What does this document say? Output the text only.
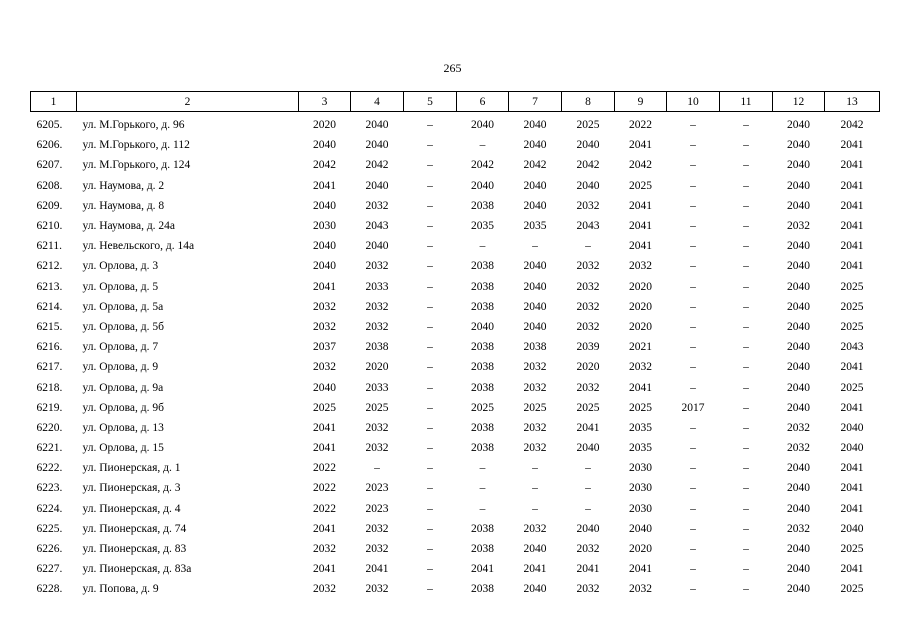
265
1	2	3	4	5	6	7	8	9	10	11	12	13
6205.	ул. М.Горького, д. 96	2020	2040	–	2040	2040	2025	2022	–	–	2040	2042
6206.	ул. М.Горького, д. 112	2040	2040	–	–	2040	2040	2041	–	–	2040	2041
6207.	ул. М.Горького, д. 124	2042	2042	–	2042	2042	2042	2042	–	–	2040	2041
6208.	ул. Наумова, д. 2	2041	2040	–	2040	2040	2040	2025	–	–	2040	2041
6209.	ул. Наумова, д. 8	2040	2032	–	2038	2040	2032	2041	–	–	2040	2041
6210.	ул. Наумова, д. 24а	2030	2043	–	2035	2035	2043	2041	–	–	2032	2041
6211.	ул. Невельского, д. 14а	2040	2040	–	–	–	–	2041	–	–	2040	2041
6212.	ул. Орлова, д. 3	2040	2032	–	2038	2040	2032	2032	–	–	2040	2041
6213.	ул. Орлова, д. 5	2041	2033	–	2038	2040	2032	2020	–	–	2040	2025
6214.	ул. Орлова, д. 5а	2032	2032	–	2038	2040	2032	2020	–	–	2040	2025
6215.	ул. Орлова, д. 5б	2032	2032	–	2040	2040	2032	2020	–	–	2040	2025
6216.	ул. Орлова, д. 7	2037	2038	–	2038	2038	2039	2021	–	–	2040	2043
6217.	ул. Орлова, д. 9	2032	2020	–	2038	2032	2020	2032	–	–	2040	2041
6218.	ул. Орлова, д. 9а	2040	2033	–	2038	2032	2032	2041	–	–	2040	2025
6219.	ул. Орлова, д. 9б	2025	2025	–	2025	2025	2025	2025	2017	–	2040	2041
6220.	ул. Орлова, д. 13	2041	2032	–	2038	2032	2041	2035	–	–	2032	2040
6221.	ул. Орлова, д. 15	2041	2032	–	2038	2032	2040	2035	–	–	2032	2040
6222.	ул. Пионерская, д. 1	2022	–	–	–	–	–	2030	–	–	2040	2041
6223.	ул. Пионерская, д. 3	2022	2023	–	–	–	–	2030	–	–	2040	2041
6224.	ул. Пионерская, д. 4	2022	2023	–	–	–	–	2030	–	–	2040	2041
6225.	ул. Пионерская, д. 74	2041	2032	–	2038	2032	2040	2040	–	–	2032	2040
6226.	ул. Пионерская, д. 83	2032	2032	–	2038	2040	2032	2020	–	–	2040	2025
6227.	ул. Пионерская, д. 83а	2041	2041	–	2041	2041	2041	2041	–	–	2040	2041
6228.	ул. Попова, д. 9	2032	2032	–	2038	2040	2032	2032	–	–	2040	2025
